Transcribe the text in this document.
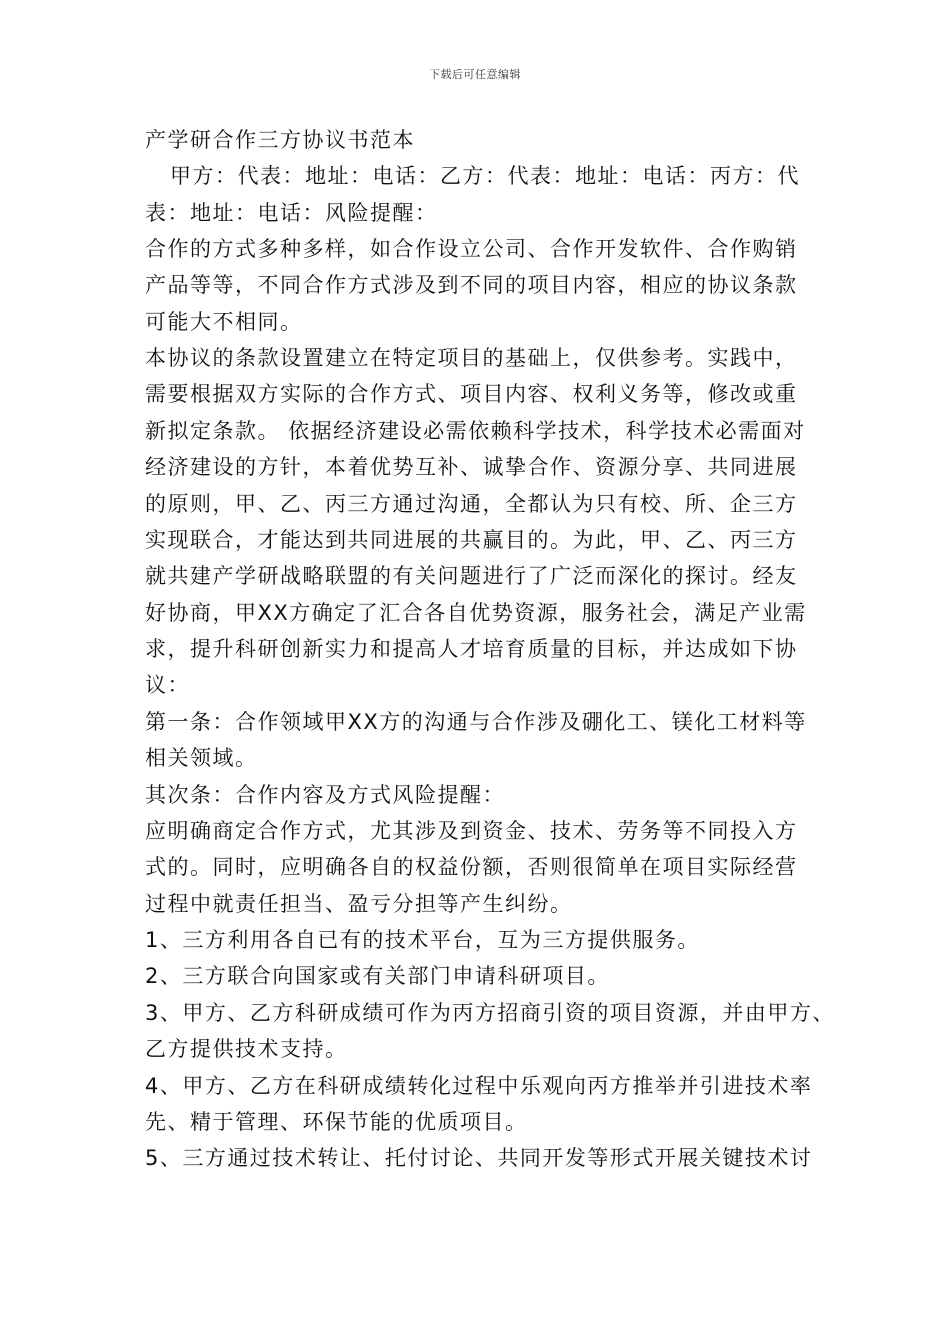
下载后可任意编辑
产学研合作三方协议书范本
甲方：代表：地址：电话：乙方：代表：地址：电话：丙方：代
表：地址：电话：风险提醒：
合作的方式多种多样，如合作设立公司、合作开发软件、合作购销
产品等等，不同合作方式涉及到不同的项目内容，相应的协议条款
可能大不相同。
本协议的条款设置建立在特定项目的基础上，仅供参考。实践中，
需要根据双方实际的合作方式、项目内容、权利义务等，修改或重
新拟定条款。 依据经济建设必需依赖科学技术，科学技术必需面对
经济建设的方针，本着优势互补、诚挚合作、资源分享、共同进展
的原则，甲、乙、丙三方通过沟通，全都认为只有校、所、企三方
实现联合，才能达到共同进展的共赢目的。为此，甲、乙、丙三方
就共建产学研战略联盟的有关问题进行了广泛而深化的探讨。经友
好协商，甲XX方确定了汇合各自优势资源，服务社会，满足产业需
求，提升科研创新实力和提高人才培育质量的目标，并达成如下协
议：
第一条：合作领域甲XX方的沟通与合作涉及硼化工、镁化工材料等
相关领域。
其次条：合作内容及方式风险提醒：
应明确商定合作方式，尤其涉及到资金、技术、劳务等不同投入方
式的。同时，应明确各自的权益份额，否则很简单在项目实际经营
过程中就责任担当、盈亏分担等产生纠纷。
1、三方利用各自已有的技术平台，互为三方提供服务。
2、三方联合向国家或有关部门申请科研项目。
3、甲方、乙方科研成绩可作为丙方招商引资的项目资源，并由甲方、
乙方提供技术支持。
4、甲方、乙方在科研成绩转化过程中乐观向丙方推举并引进技术率
先、精于管理、环保节能的优质项目。
5、三方通过技术转让、托付讨论、共同开发等形式开展关键技术讨
